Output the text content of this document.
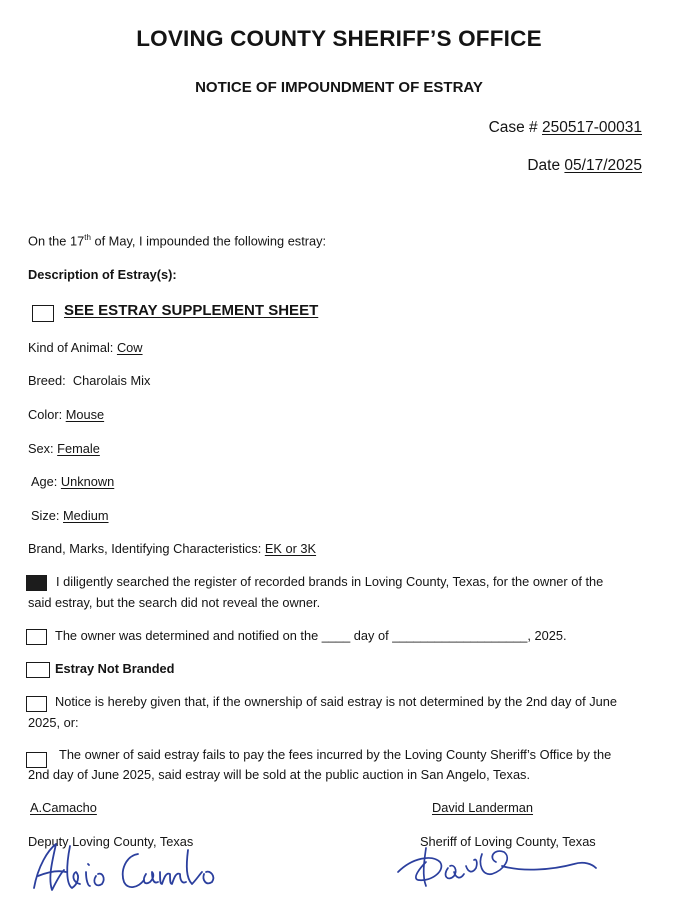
LOVING COUNTY SHERIFF’S OFFICE
NOTICE OF IMPOUNDMENT OF ESTRAY
Case # 250517-00031
Date 05/17/2025
On the 17th of May, I impounded the following estray:
Description of Estray(s):
SEE ESTRAY SUPPLEMENT SHEET
Kind of Animal: Cow
Breed: Charolais Mix
Color: Mouse
Sex: Female
Age: Unknown
Size: Medium
Brand, Marks, Identifying Characteristics: EK or 3K
I diligently searched the register of recorded brands in Loving County, Texas, for the owner of the
said estray, but the search did not reveal the owner.
The owner was determined and notified on the ____ day of ___________________, 2025.
Estray Not Branded
Notice is hereby given that, if the ownership of said estray is not determined by the 2nd day of June
2025, or:
The owner of said estray fails to pay the fees incurred by the Loving County Sheriff’s Office by the
2nd day of June 2025, said estray will be sold at the public auction in San Angelo, Texas.
A.Camacho	David Landerman
Deputy Loving County, Texas	Sheriff of Loving County, Texas
